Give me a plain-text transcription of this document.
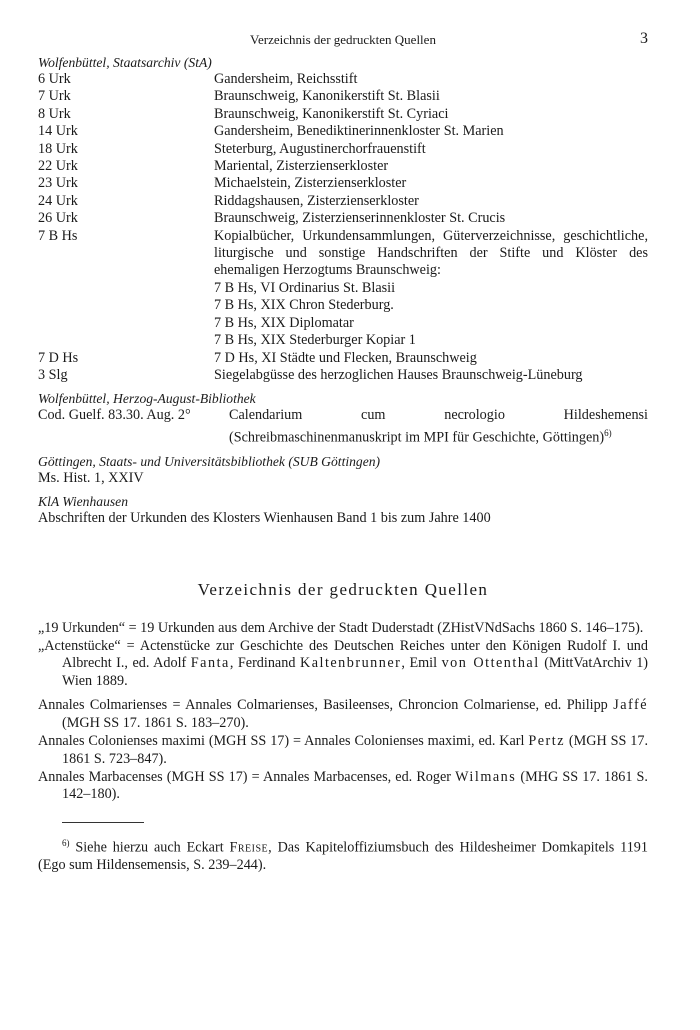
Verzeichnis der gedruckten Quellen	3
Wolfenbüttel, Staatsarchiv (StA)
6 Urk	Gandersheim, Reichsstift
7 Urk	Braunschweig, Kanonikerstift St. Blasii
8 Urk	Braunschweig, Kanonikerstift St. Cyriaci
14 Urk	Gandersheim, Benediktinerinnenkloster St. Marien
18 Urk	Steterburg, Augustinerchorfrauenstift
22 Urk	Mariental, Zisterzienserkloster
23 Urk	Michaelstein, Zisterzienserkloster
24 Urk	Riddagshausen, Zisterzienserkloster
26 Urk	Braunschweig, Zisterzienserinnenkloster St. Crucis
7 B Hs	Kopialbücher, Urkundensammlungen, Güterverzeichnisse, geschichtliche, liturgische und sonstige Handschriften der Stifte und Klöster des ehemaligen Herzogtums Braunschweig:
7 B Hs, VI Ordinarius St. Blasii
7 B Hs, XIX Chron Stederburg.
7 B Hs, XIX Diplomatar
7 B Hs, XIX Stederburger Kopiar 1
7 D Hs	7 D Hs, XI Städte und Flecken, Braunschweig
3 Slg	Siegelabgüsse des herzoglichen Hauses Braunschweig-Lüneburg
Wolfenbüttel, Herzog-August-Bibliothek
Cod. Guelf. 83.30. Aug. 2°	Calendarium cum necrologio Hildeshemensi (Schreibmaschinenmanuskript im MPI für Geschichte, Göttingen)$^{6)}$
Göttingen, Staats- und Universitätsbibliothek (SUB Göttingen)
Ms. Hist. 1, XXIV
KlA Wienhausen
Abschriften der Urkunden des Klosters Wienhausen Band 1 bis zum Jahre 1400
Verzeichnis der gedruckten Quellen
„19 Urkunden“ = 19 Urkunden aus dem Archive der Stadt Duderstadt (ZHistVNdSachs 1860 S. 146–175).
„Actenstücke“ = Actenstücke zur Geschichte des Deutschen Reiches unter den Königen Rudolf I. und Albrecht I., ed. Adolf Fanta, Ferdinand Kaltenbrunner, Emil von Ottenthal (MittVatArchiv 1) Wien 1889.
Annales Colmarienses = Annales Colmarienses, Basileenses, Chroncion Colmariense, ed. Philipp Jaffé (MGH SS 17. 1861 S. 183–270).
Annales Colonienses maximi (MGH SS 17) = Annales Colonienses maximi, ed. Karl Pertz (MGH SS 17. 1861 S. 723–847).
Annales Marbacenses (MGH SS 17) = Annales Marbacenses, ed. Roger Wilmans (MHG SS 17. 1861 S. 142–180).
$^{6)}$ Siehe hierzu auch Eckart Freise, Das Kapiteloffiziumsbuch des Hildesheimer Domkapitels 1191 (Ego sum Hildensemensis, S. 239–244).
